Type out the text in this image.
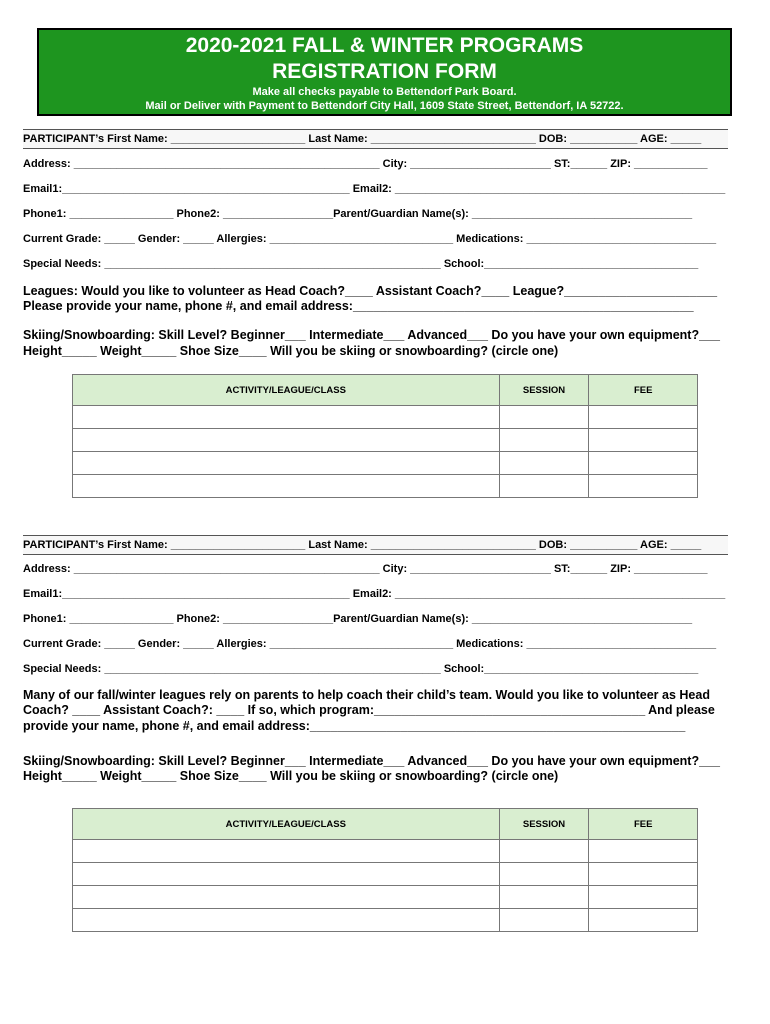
2020-2021 FALL & WINTER PROGRAMS
REGISTRATION FORM
Make all checks payable to Bettendorf Park Board.
Mail or Deliver with Payment to Bettendorf City Hall, 1609 State Street, Bettendorf, IA 52722.
PARTICIPANT’s First Name: ______________________ Last Name: ___________________________ DOB: ___________ AGE: _____
Address: __________________________________________________ City: _______________________ ST:______ ZIP: ____________
Email1:_______________________________________________ Email2: ______________________________________________________
Phone1: _________________ Phone2: __________________Parent/Guardian Name(s): ____________________________________
Current Grade: _____ Gender: _____ Allergies: ______________________________ Medications: _______________________________
Special Needs: _______________________________________________________ School:___________________________________
Leagues: Would you like to volunteer as Head Coach?____ Assistant Coach?____ League?______________________
Please provide your name, phone #, and email address:_________________________________________________
Skiing/Snowboarding: Skill Level? Beginner___ Intermediate___ Advanced___ Do you have your own equipment?___
Height_____ Weight_____ Shoe Size____ Will you be skiing or snowboarding? (circle one)
ACTIVITY/LEAGUE/CLASS	SESSION	FEE

PARTICIPANT’s First Name: ______________________ Last Name: ___________________________ DOB: ___________ AGE: _____
Address: __________________________________________________ City: _______________________ ST:______ ZIP: ____________
Email1:_______________________________________________ Email2: ______________________________________________________
Phone1: _________________ Phone2: __________________Parent/Guardian Name(s): ____________________________________
Current Grade: _____ Gender: _____ Allergies: ______________________________ Medications: _______________________________
Special Needs: _______________________________________________________ School:___________________________________
Many of our fall/winter leagues rely on parents to help coach their child’s team. Would you like to volunteer as Head
Coach? ____ Assistant Coach?: ____ If so, which program:_______________________________________ And please
provide your name, phone #, and email address:______________________________________________________
Skiing/Snowboarding: Skill Level? Beginner___ Intermediate___ Advanced___ Do you have your own equipment?___
Height_____ Weight_____ Shoe Size____ Will you be skiing or snowboarding? (circle one)
ACTIVITY/LEAGUE/CLASS	SESSION	FEE
